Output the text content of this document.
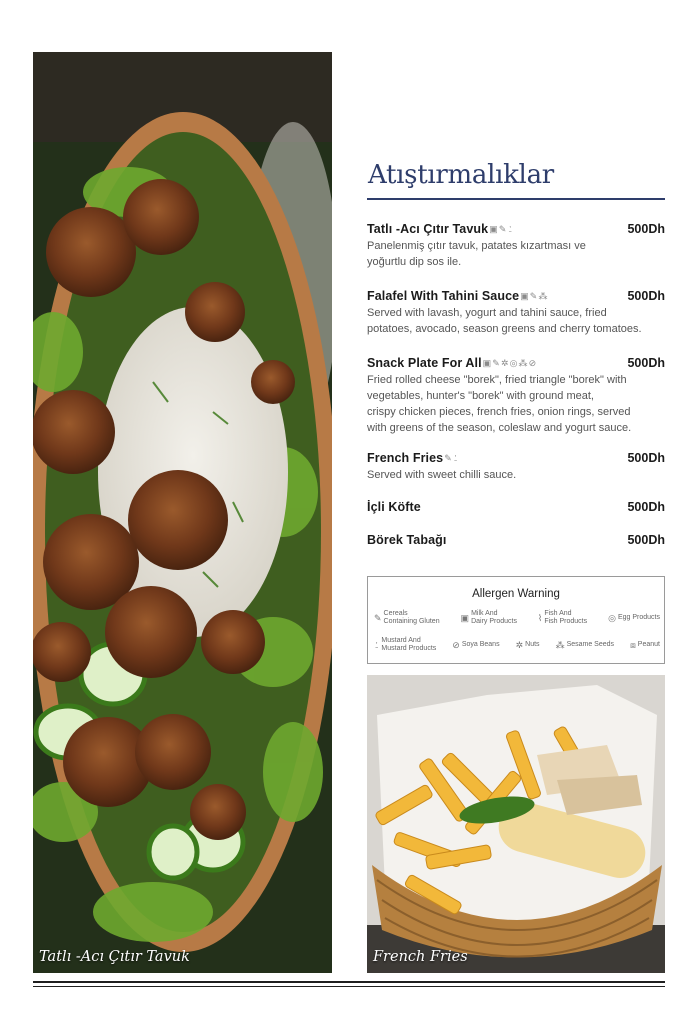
Tatlı -Acı Çıtır Tavuk
Atıştırmalıklar
Tatlı -Acı Çıtır Tavuk ▣ ✎ ⍘	500Dh
Panelenmiş çıtır tavuk, patates kızartması ve
yoğurtlu dip sos ile.
Falafel With Tahini Sauce ▣ ✎ ⁂	500Dh
Served with lavash, yogurt and tahini sauce, fried
potatoes, avocado, season greens and cherry tomatoes.
Snack Plate For All ▣ ✎ ✲ ◎ ⁂ ⊘	500Dh
Fried rolled cheese "borek", fried triangle "borek" with
vegetables, hunter's "borek" with ground meat,
crispy chicken pieces, french fries, onion rings, served
with greens of the season, coleslaw and yogurt sauce.
French Fries ✎ ⍘	500Dh
Served with sweet chilli sauce.
İçli Köfte	500Dh
Börek Tabağı	500Dh
Allergen Warning
✎ Cereals
Containing Gluten ▣ Milk And
Dairy Products ⌇ Fish And
Fish Products ◎ Egg Products
⍘ Mustard And
Mustard Products ⊘ Soya Beans ✲ Nuts ⁂ Sesame Seeds ⧈ Peanut
French Fries
